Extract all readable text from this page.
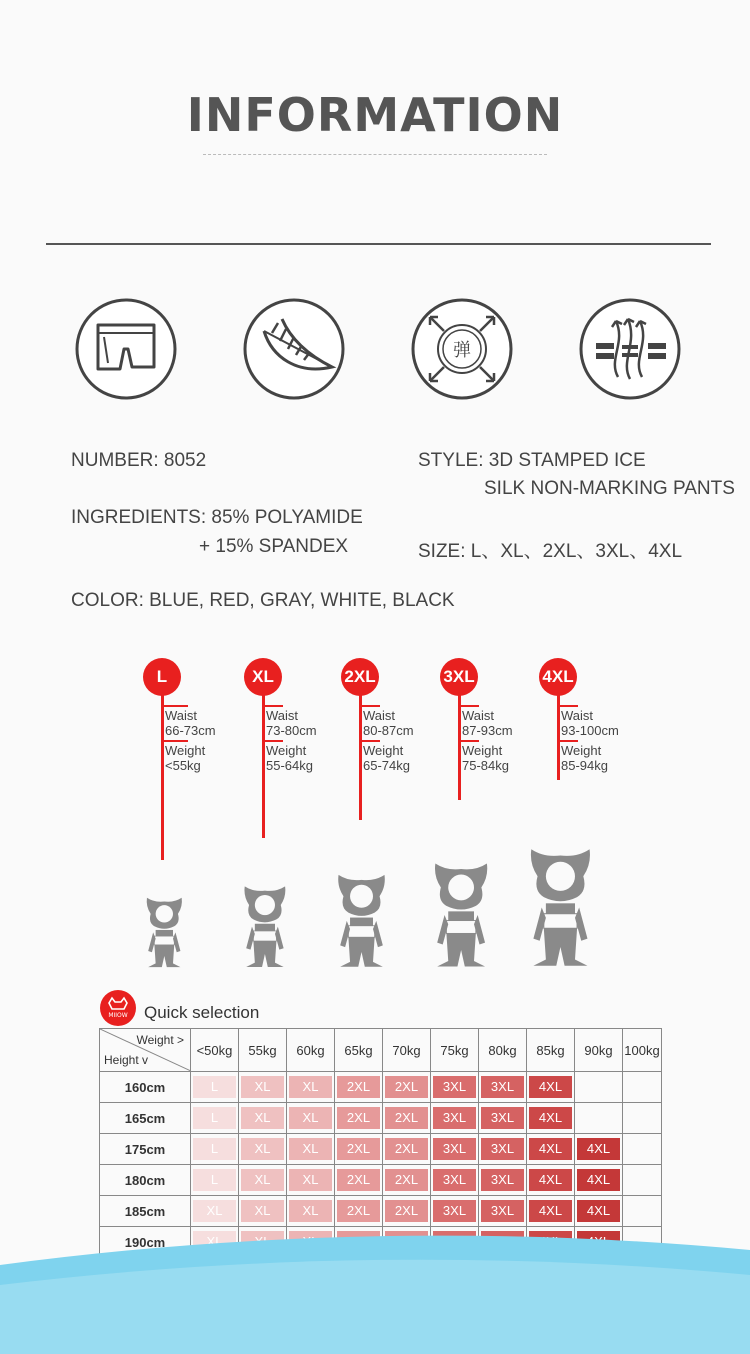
INFORMATION
弹
NUMBER: 8052	STYLE: 3D STAMPED ICE
SILK NON-MARKING PANTS
INGREDIENTS: 85% POLYAMIDE
+ 15% SPANDEX	SIZE: L、XL、2XL、3XL、4XL
COLOR: BLUE, RED, GRAY, WHITE, BLACK
L
Waist
66-73cm
Weight
<55kg
XL
Waist
73-80cm
Weight
55-64kg
2XL
Waist
80-87cm
Weight
65-74kg
3XL
Waist
87-93cm
Weight
75-84kg
4XL
Waist
93-100cm
Weight
85-94kg
MIIOW Quick selection
Weight >
Height v	<50kg	55kg	60kg	65kg	70kg	75kg	80kg	85kg	90kg	100kg
160cm	L	XL	XL	2XL	2XL	3XL	3XL	4XL		

165cm	L	XL	XL	2XL	2XL	3XL	3XL	4XL		

175cm	L	XL	XL	2XL	2XL	3XL	3XL	4XL	4XL	

180cm	L	XL	XL	2XL	2XL	3XL	3XL	4XL	4XL	

185cm	XL	XL	XL	2XL	2XL	3XL	3XL	4XL	4XL	

190cm	XL
